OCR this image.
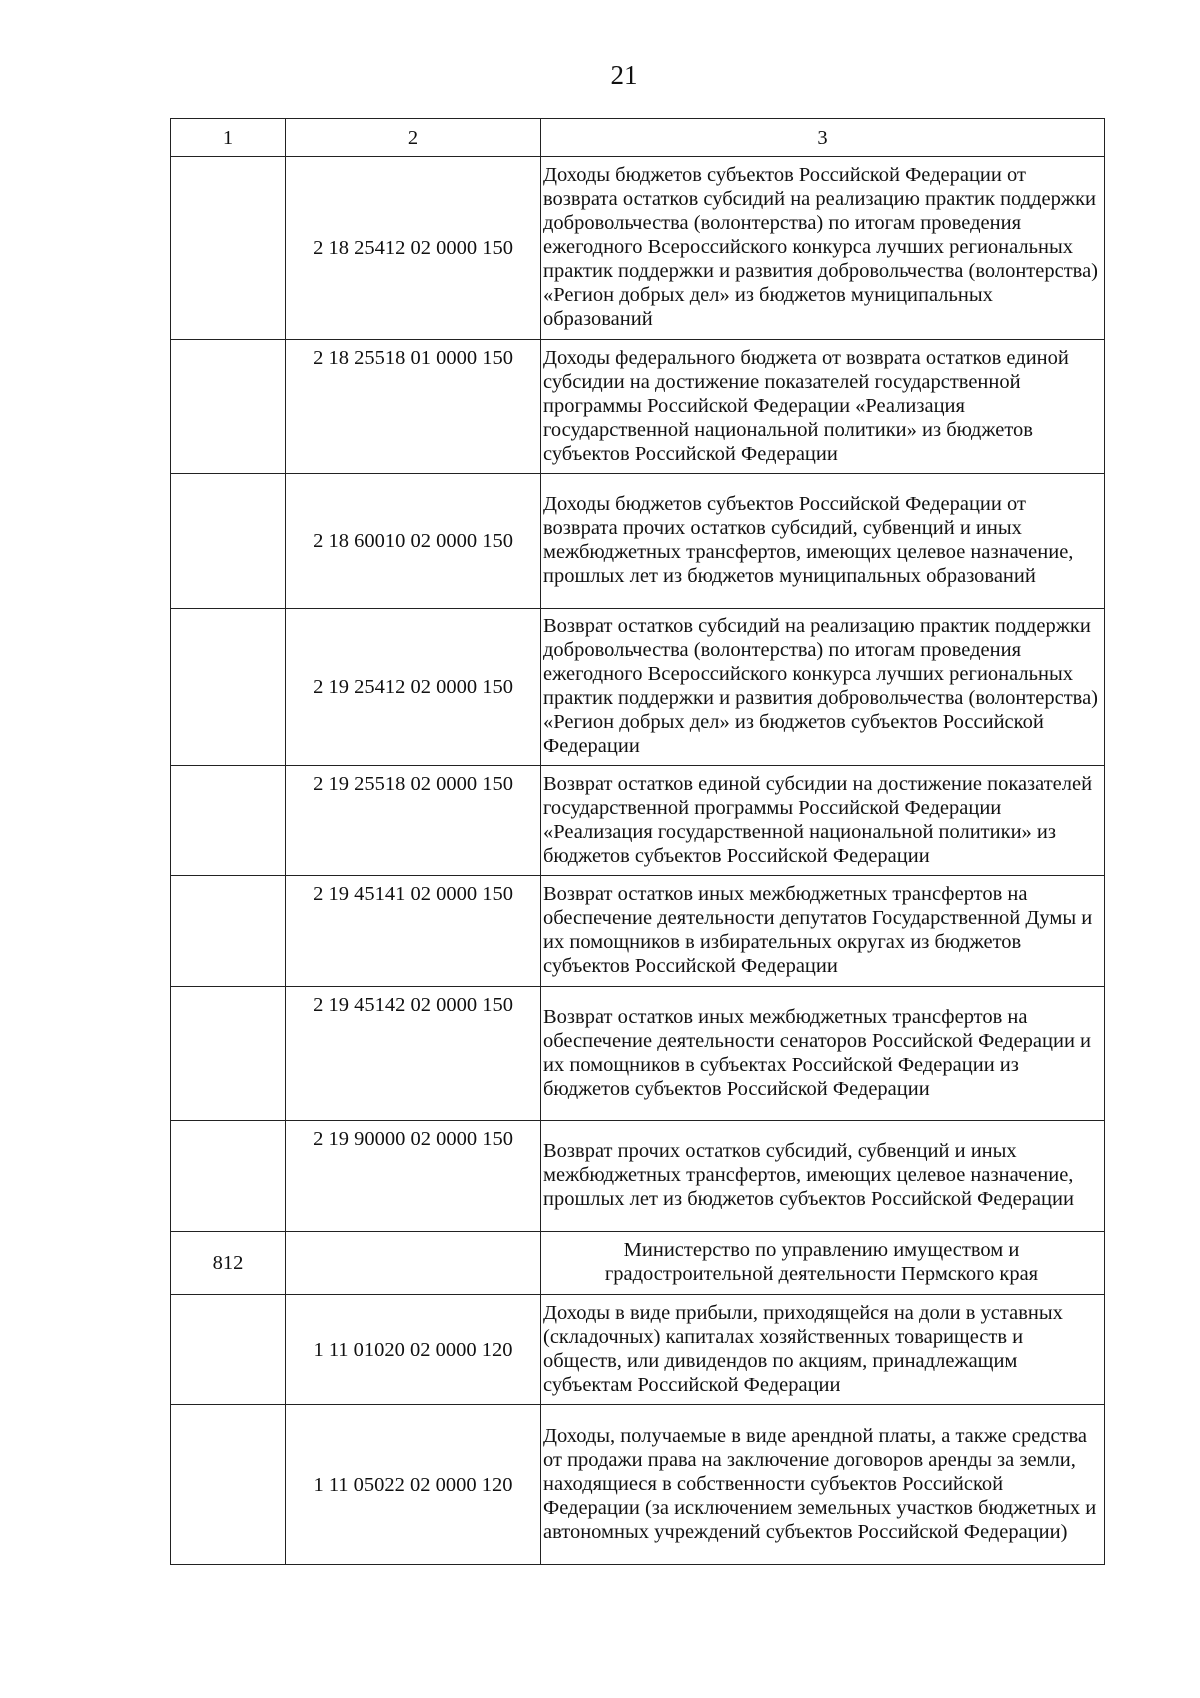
21
1	2	3
	2 18 25412 02 0000 150	Доходы бюджетов субъектов Российской Федерации от возврата остатков субсидий на реализацию практик поддержки добровольчества (волонтерства) по итогам проведения ежегодного Всероссийского конкурса лучших региональных практик поддержки и развития добровольчества (волонтерства) «Регион добрых дел» из бюджетов муниципальных образований
	2 18 25518 01 0000 150	Доходы федерального бюджета от возврата остатков единой субсидии на достижение показателей государственной программы Российской Федерации «Реализация государственной национальной политики» из бюджетов субъектов Российской Федерации
	2 18 60010 02 0000 150	Доходы бюджетов субъектов Российской Федерации от возврата прочих остатков субсидий, субвенций и иных межбюджетных трансфертов, имеющих целевое назначение, прошлых лет из бюджетов муниципальных образований
	2 19 25412 02 0000 150	Возврат остатков субсидий на реализацию практик поддержки добровольчества (волонтерства) по итогам проведения ежегодного Всероссийского конкурса лучших региональных практик поддержки и развития добровольчества (волонтерства) «Регион добрых дел» из бюджетов субъектов Российской Федерации
	2 19 25518 02 0000 150	Возврат остатков единой субсидии на достижение показателей государственной программы Российской Федерации «Реализация государственной национальной политики» из бюджетов субъектов Российской Федерации
	2 19 45141 02 0000 150	Возврат остатков иных межбюджетных трансфертов на обеспечение деятельности депутатов Государственной Думы и их помощников в избирательных округах из бюджетов субъектов Российской Федерации
	2 19 45142 02 0000 150	Возврат остатков иных межбюджетных трансфертов на обеспечение деятельности сенаторов Российской Федерации и их помощников в субъектах Российской Федерации из бюджетов субъектов Российской Федерации
	2 19 90000 02 0000 150	Возврат прочих остатков субсидий, субвенций и иных межбюджетных трансфертов, имеющих целевое назначение, прошлых лет из бюджетов субъектов Российской Федерации
812		Министерство по управлению имуществом и градостроительной деятельности Пермского края
	1 11 01020 02 0000 120	Доходы в виде прибыли, приходящейся на доли в уставных (складочных) капиталах хозяйственных товариществ и обществ, или дивидендов по акциям, принадлежащим субъектам Российской Федерации
	1 11 05022 02 0000 120	Доходы, получаемые в виде арендной платы, а также средства от продажи права на заключение договоров аренды за земли, находящиеся в собственности субъектов Российской Федерации (за исключением земельных участков бюджетных и автономных учреждений субъектов Российской Федерации)
